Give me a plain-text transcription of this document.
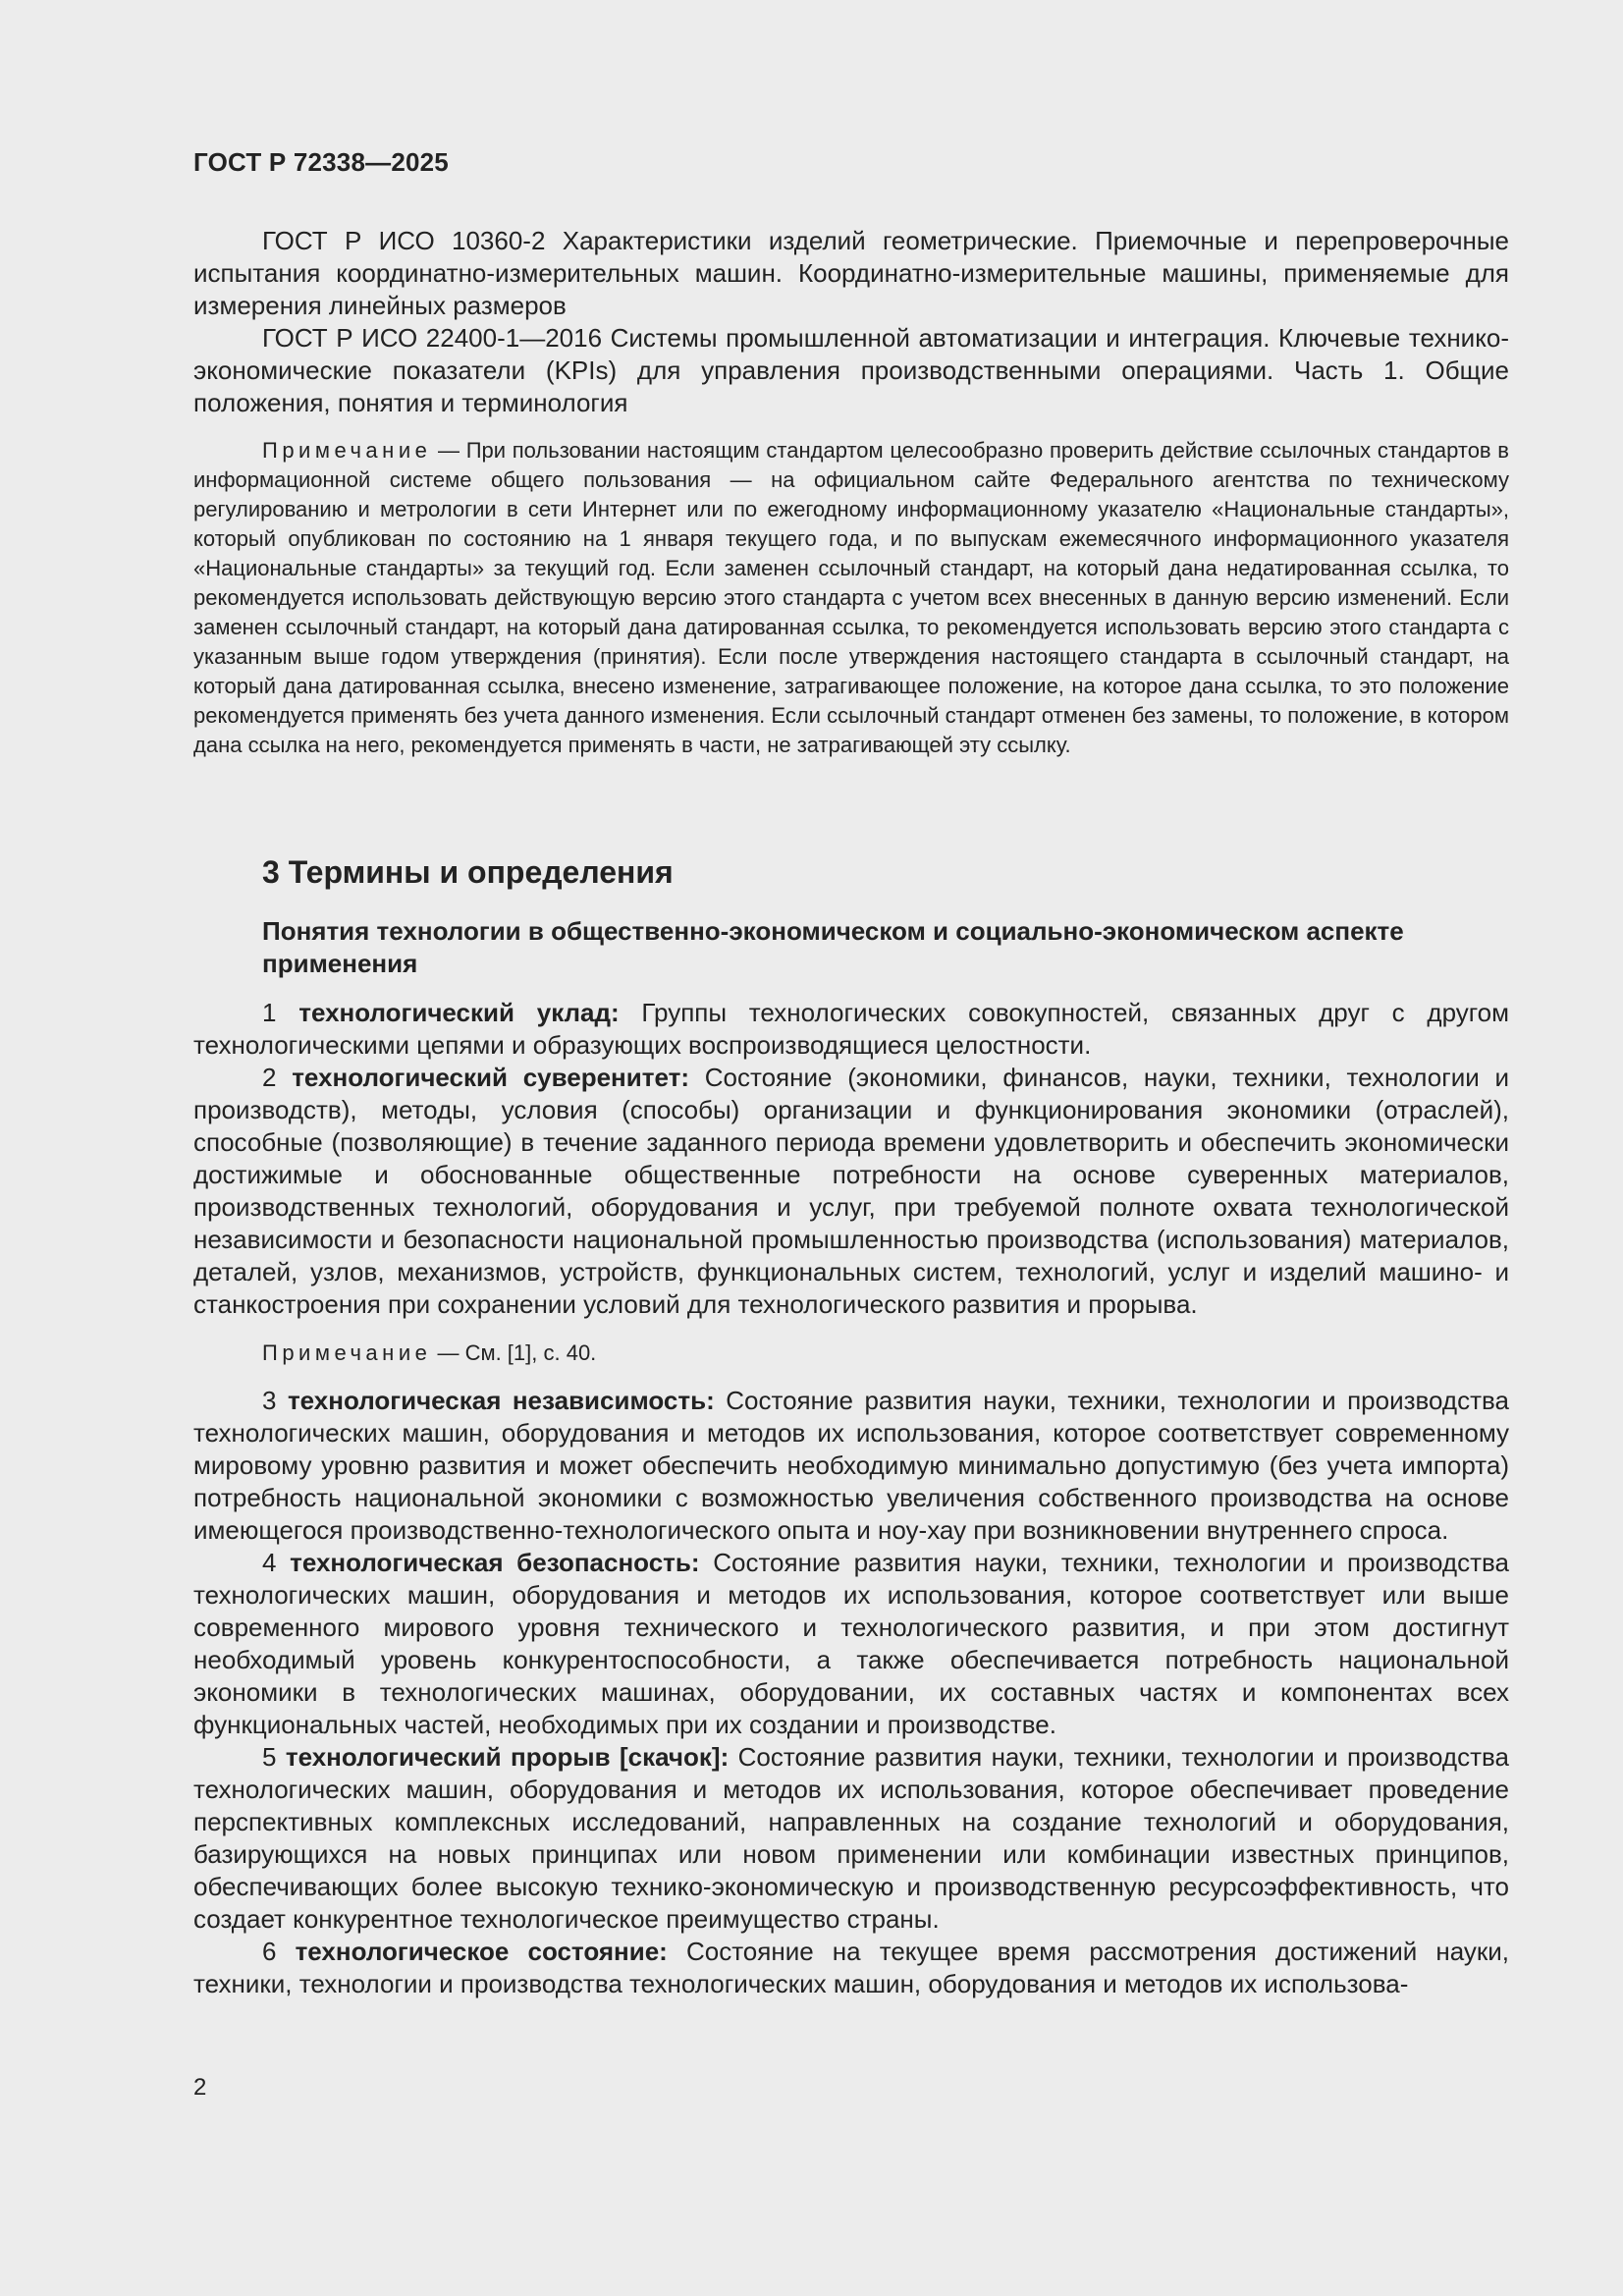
ГОСТ Р 72338—2025

ГОСТ Р ИСО 10360-2 Характеристики изделий геометрические. Приемочные и перепроверочные испытания координатно-измерительных машин. Координатно-измерительные машины, применяемые для измерения линейных размеров

ГОСТ Р ИСО 22400-1—2016 Системы промышленной автоматизации и интеграция. Ключевые технико-экономические показатели (KPIs) для управления производственными операциями. Часть 1. Общие положения, понятия и терминология

Примечание — При пользовании настоящим стандартом целесообразно проверить действие ссылочных стандартов в информационной системе общего пользования — на официальном сайте Федерального агентства по техническому регулированию и метрологии в сети Интернет или по ежегодному информационному указателю «Национальные стандарты», который опубликован по состоянию на 1 января текущего года, и по выпускам ежемесячного информационного указателя «Национальные стандарты» за текущий год. Если заменен ссылочный стандарт, на который дана недатированная ссылка, то рекомендуется использовать действующую версию этого стандарта с учетом всех внесенных в данную версию изменений. Если заменен ссылочный стандарт, на который дана датированная ссылка, то рекомендуется использовать версию этого стандарта с указанным выше годом утверждения (принятия). Если после утверждения настоящего стандарта в ссылочный стандарт, на который дана датированная ссылка, внесено изменение, затрагивающее положение, на которое дана ссылка, то это положение рекомендуется применять без учета данного изменения. Если ссылочный стандарт отменен без замены, то положение, в котором дана ссылка на него, рекомендуется применять в части, не затрагивающей эту ссылку.

3 Термины и определения
Понятия технологии в общественно-экономическом и социально-экономическом аспекте применения

1 технологический уклад: Группы технологических совокупностей, связанных друг с другом технологическими цепями и образующих воспроизводящиеся целостности.

2 технологический суверенитет: Состояние (экономики, финансов, науки, техники, технологии и производств), методы, условия (способы) организации и функционирования экономики (отраслей), способные (позволяющие) в течение заданного периода времени удовлетворить и обеспечить экономически достижимые и обоснованные общественные потребности на основе суверенных материалов, производственных технологий, оборудования и услуг, при требуемой полноте охвата технологической независимости и безопасности национальной промышленностью производства (использования) материалов, деталей, узлов, механизмов, устройств, функциональных систем, технологий, услуг и изделий машино- и станкостроения при сохранении условий для технологического развития и прорыва.

Примечание — См. [1], с. 40.

3 технологическая независимость: Состояние развития науки, техники, технологии и производства технологических машин, оборудования и методов их использования, которое соответствует современному мировому уровню развития и может обеспечить необходимую минимально допустимую (без учета импорта) потребность национальной экономики с возможностью увеличения собственного производства на основе имеющегося производственно-технологического опыта и ноу-хау при возникновении внутреннего спроса.

4 технологическая безопасность: Состояние развития науки, техники, технологии и производства технологических машин, оборудования и методов их использования, которое соответствует или выше современного мирового уровня технического и технологического развития, и при этом достигнут необходимый уровень конкурентоспособности, а также обеспечивается потребность национальной экономики в технологических машинах, оборудовании, их составных частях и компонентах всех функциональных частей, необходимых при их создании и производстве.

5 технологический прорыв [скачок]: Состояние развития науки, техники, технологии и производства технологических машин, оборудования и методов их использования, которое обеспечивает проведение перспективных комплексных исследований, направленных на создание технологий и оборудования, базирующихся на новых принципах или новом применении или комбинации известных принципов, обеспечивающих более высокую технико-экономическую и производственную ресурсоэффективность, что создает конкурентное технологическое преимущество страны.

6 технологическое состояние: Состояние на текущее время рассмотрения достижений науки, техники, технологии и производства технологических машин, оборудования и методов их использова-

2
